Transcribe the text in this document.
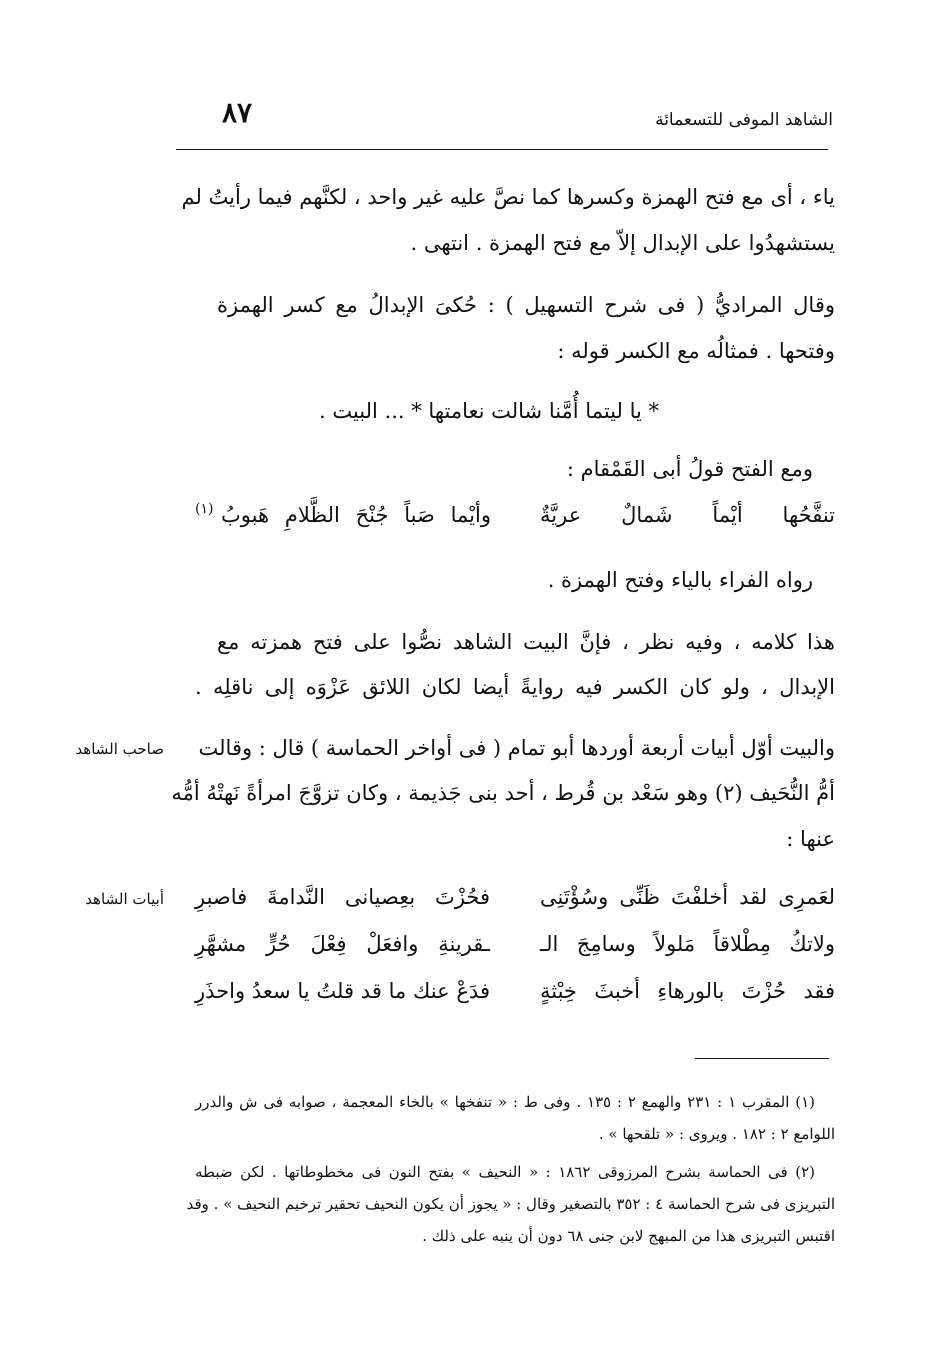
الشاهد الموفى للتسعمائة
٨٧
ياء ، أى مع فتح الهمزة وكسرها كما نصَّ عليه غير واحد ، لكنَّهم فيما رأيتُ لم
يستشهدُوا على الإبدال إلاّ مع فتح الهمزة . انتهى .
وقال المراديُّ ( فى شرح التسهيل ) : حُكىَ الإبدالُ مع كسر الهمزة
وفتحها . فمثالُه مع الكسر قوله :
* يا ليتما أُمَّنا شالت نعامتها * ... البيت .
ومع الفتح قولُ أبى القَمْقام :
تنفَّحُها أيْماً شَمالٌ عريَّةٌ
وأيْما صَباً جُنْحَ الظَّلامِ هَبوبُ
(١)
رواه الفراء بالياء وفتح الهمزة .
هذا كلامه ، وفيه نظر ، فإنَّ البيت الشاهد نصُّوا على فتح همزته مع
الإبدال ، ولو كان الكسر فيه روايةً أيضا لكان اللائق عَزْوَه إلى ناقلِه .
والبيت أوّل أبيات أربعة أوردها أبو تمام ( فى أواخر الحماسة ) قال : وقالت
صاحب الشاهد
أمُّ النُّحَيف (٢) وهو سَعْد بن قُرط ، أحد بنى جَذيمة ، وكان تزوَّجَ امرأةً نَهتْهُ أمُّه
عنها :
أبيات الشاهد	لعَمرِى لقد أخلفْتَ ظَنِّى وسُؤْتَنِى
فحُزْتَ بعِصيانى النَّدامةَ فاصبرِ
ولاتكُ مِطْلاقاً مَلولاً وسامِجَ الـ
ـقرينةِ وافعَلْ فِعْلَ حُرٍّ مشهَّرِ
فقد حُزْتَ بالورهاءِ أخبثَ خِبْثةٍ
فدَعْ عنك ما قد قلتُ يا سعدُ واحذَرِ
(١) المقرب ١ : ٢٣١ والهمع ٢ : ١٣٥ . وفى ط : « تنفخها » بالخاء المعجمة ، صوابه فى ش والدرر
اللوامع ٢ : ١٨٢ . ويروى : « تلقحها » .
(٢) فى الحماسة بشرح المرزوقى ١٨٦٢ : « النحيف » بفتح النون فى مخطوطاتها . لكن ضبطه
التبريزى فى شرح الحماسة ٤ : ٣٥٢ بالتصغير وقال : « يجوز أن يكون النحيف تحقير ترخيم النحيف » . وقد
اقتبس التبريزى هذا من المبهج لابن جنى ٦٨ دون أن ينبه على ذلك .
